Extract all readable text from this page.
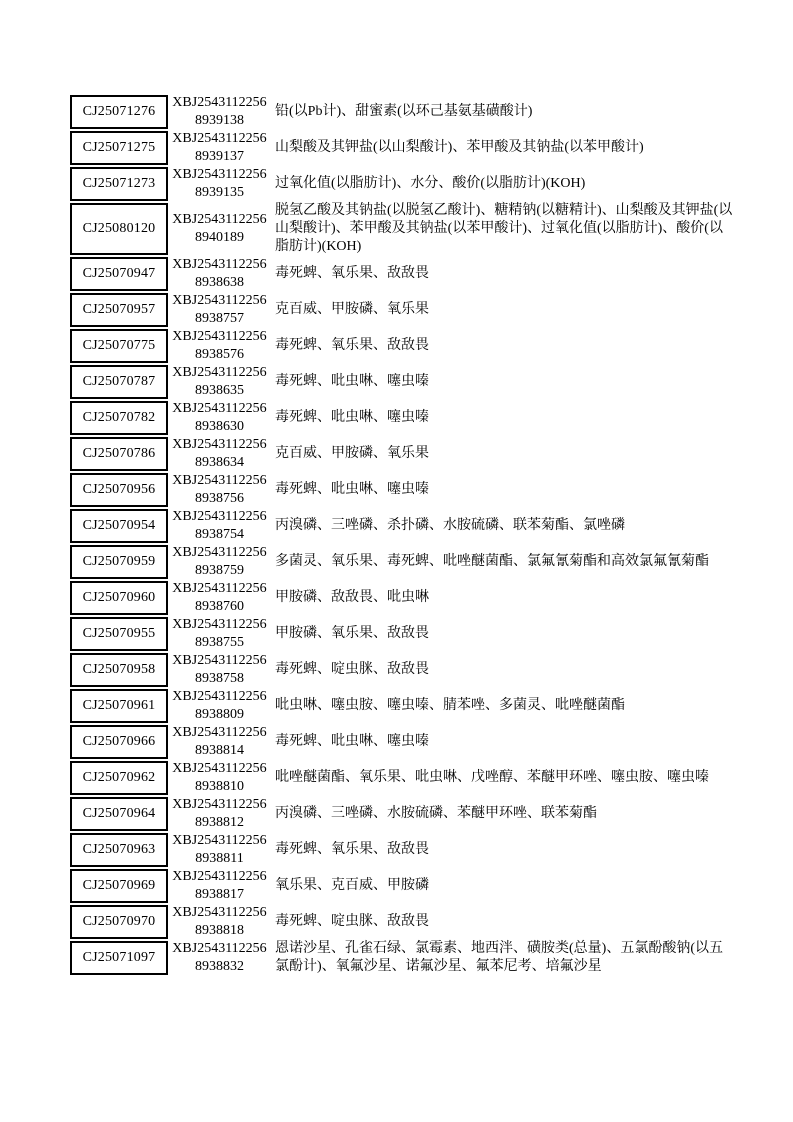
CJ25071276
XBJ2543112256
8939138
铅(以Pb计)、甜蜜素(以环己基氨基磺酸计)
CJ25071275
XBJ2543112256
8939137
山梨酸及其钾盐(以山梨酸计)、苯甲酸及其钠盐(以苯甲酸计)
CJ25071273
XBJ2543112256
8939135
过氧化值(以脂肪计)、水分、酸价(以脂肪计)(KOH)
CJ25080120
XBJ2543112256
8940189
脱氢乙酸及其钠盐(以脱氢乙酸计)、糖精钠(以糖精计)、山梨酸及其钾盐(以山梨酸计)、苯甲酸及其钠盐(以苯甲酸计)、过氧化值(以脂肪计)、酸价(以脂肪计)(KOH)
CJ25070947
XBJ2543112256
8938638
毒死蜱、氧乐果、敌敌畏
CJ25070957
XBJ2543112256
8938757
克百威、甲胺磷、氧乐果
CJ25070775
XBJ2543112256
8938576
毒死蜱、氧乐果、敌敌畏
CJ25070787
XBJ2543112256
8938635
毒死蜱、吡虫啉、噻虫嗪
CJ25070782
XBJ2543112256
8938630
毒死蜱、吡虫啉、噻虫嗪
CJ25070786
XBJ2543112256
8938634
克百威、甲胺磷、氧乐果
CJ25070956
XBJ2543112256
8938756
毒死蜱、吡虫啉、噻虫嗪
CJ25070954
XBJ2543112256
8938754
丙溴磷、三唑磷、杀扑磷、水胺硫磷、联苯菊酯、氯唑磷
CJ25070959
XBJ2543112256
8938759
多菌灵、氧乐果、毒死蜱、吡唑醚菌酯、氯氟氰菊酯和高效氯氟氰菊酯
CJ25070960
XBJ2543112256
8938760
甲胺磷、敌敌畏、吡虫啉
CJ25070955
XBJ2543112256
8938755
甲胺磷、氧乐果、敌敌畏
CJ25070958
XBJ2543112256
8938758
毒死蜱、啶虫脒、敌敌畏
CJ25070961
XBJ2543112256
8938809
吡虫啉、噻虫胺、噻虫嗪、腈苯唑、多菌灵、吡唑醚菌酯
CJ25070966
XBJ2543112256
8938814
毒死蜱、吡虫啉、噻虫嗪
CJ25070962
XBJ2543112256
8938810
吡唑醚菌酯、氧乐果、吡虫啉、戊唑醇、苯醚甲环唑、噻虫胺、噻虫嗪
CJ25070964
XBJ2543112256
8938812
丙溴磷、三唑磷、水胺硫磷、苯醚甲环唑、联苯菊酯
CJ25070963
XBJ2543112256
8938811
毒死蜱、氧乐果、敌敌畏
CJ25070969
XBJ2543112256
8938817
氧乐果、克百威、甲胺磷
CJ25070970
XBJ2543112256
8938818
毒死蜱、啶虫脒、敌敌畏
CJ25071097
XBJ2543112256
8938832
恩诺沙星、孔雀石绿、氯霉素、地西泮、磺胺类(总量)、五氯酚酸钠(以五氯酚计)、氧氟沙星、诺氟沙星、氟苯尼考、培氟沙星
